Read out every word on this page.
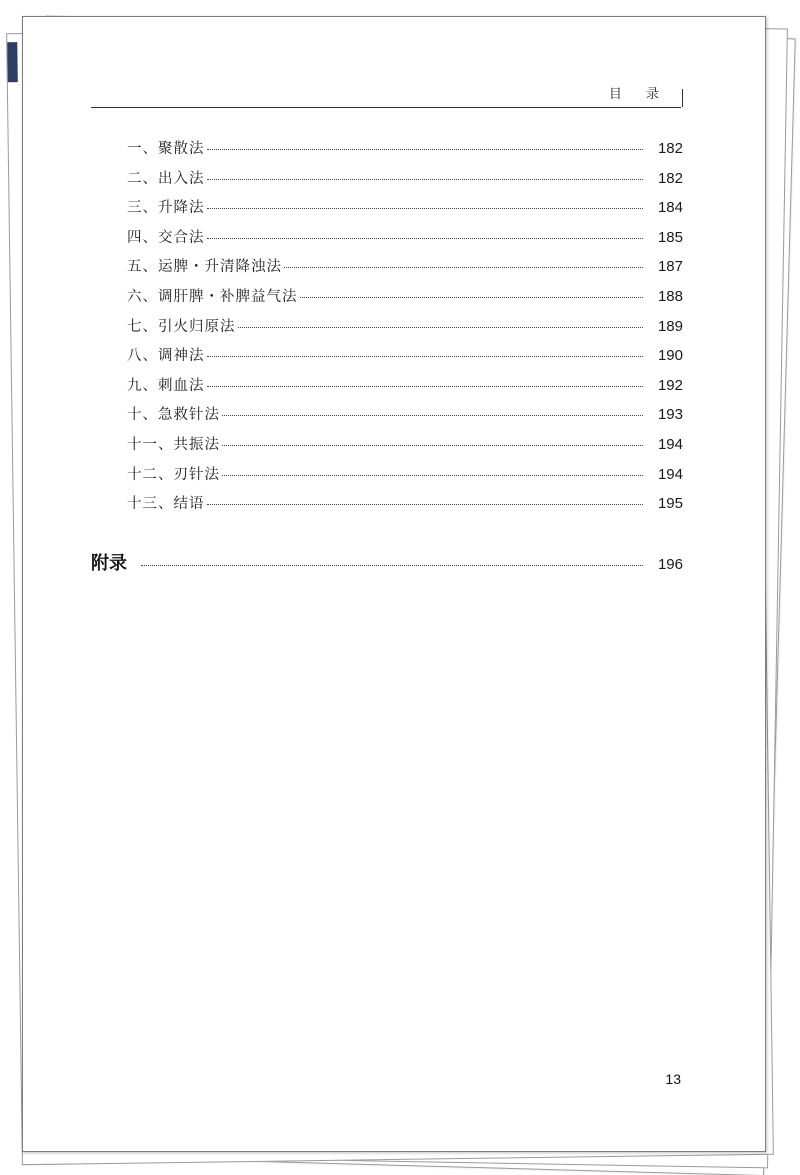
目 录
一、聚散法	182
二、出入法	182
三、升降法	184
四、交合法	185
五、运脾・升清降浊法	187
六、调肝脾・补脾益气法	188
七、引火归原法	189
八、调神法	190
九、刺血法	192
十、急救针法	193
十一、共振法	194
十二、刃针法	194
十三、结语	195
附录	196
13
